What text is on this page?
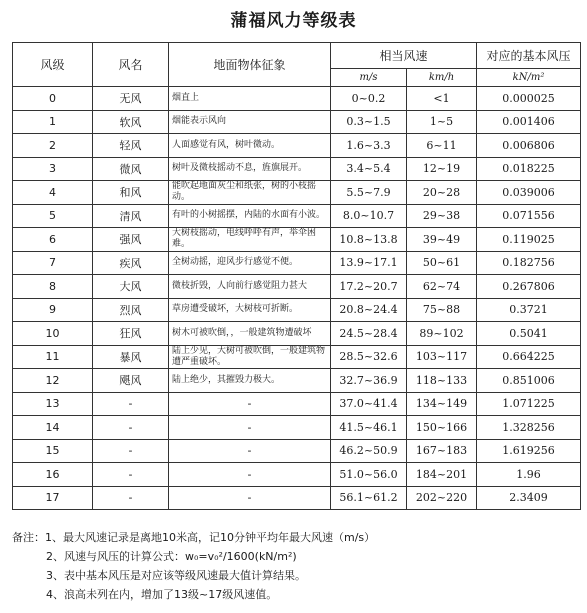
蒲福风力等级表
风级	风名	地面物体征象	相当风速		对应的基本风压
			m/s	km/h	kN/m²
0	无风	烟直上	0~0.2	<1	0.000025
1	软风	烟能表示风向	0.3~1.5	1~5	0.001406
2	轻风	人面感觉有风，树叶微动。	1.6~3.3	6~11	0.006806
3	微风	树叶及微枝摇动不息，旌旗展开。	3.4~5.4	12~19	0.018225
4	和风	能吹起地面灰尘和纸张，树的小枝摇动。	5.5~7.9	20~28	0.039006
5	清风	有叶的小树摇摆，内陆的水面有小波。	8.0~10.7	29~38	0.071556
6	强风	大树枝摇动，电线呼呼有声，举伞困难。	10.8~13.8	39~49	0.119025
7	疾风	全树动摇，迎风步行感觉不便。	13.9~17.1	50~61	0.182756
8	大风	微枝折毁，人向前行感觉阻力甚大	17.2~20.7	62~74	0.267806
9	烈风	草房遭受破坏，大树枝可折断。	20.8~24.4	75~88	0.3721
10	狂风	树木可被吹倒，，一般建筑物遭破坏	24.5~28.4	89~102	0.5041
11	暴风	陆上少见，大树可被吹倒，一般建筑物遭严重破坏。	28.5~32.6	103~117	0.664225
12	飓风	陆上绝少，其摧毁力极大。	32.7~36.9	118~133	0.851006
13	-	-	37.0~41.4	134~149	1.071225
14	-	-	41.5~46.1	150~166	1.328256
15	-	-	46.2~50.9	167~183	1.619256
16	-	-	51.0~56.0	184~201	1.96
17	-	-	56.1~61.2	202~220	2.3409
备注：1、最大风速记录是离地10米高，记10分钟平均年最大风速（m/s）
2、风速与风压的计算公式：w₀=v₀²/1600(kN/m²)
3、表中基本风压是对应该等级风速最大值计算结果。
4、浪高未列在内，增加了13级~17级风速值。
